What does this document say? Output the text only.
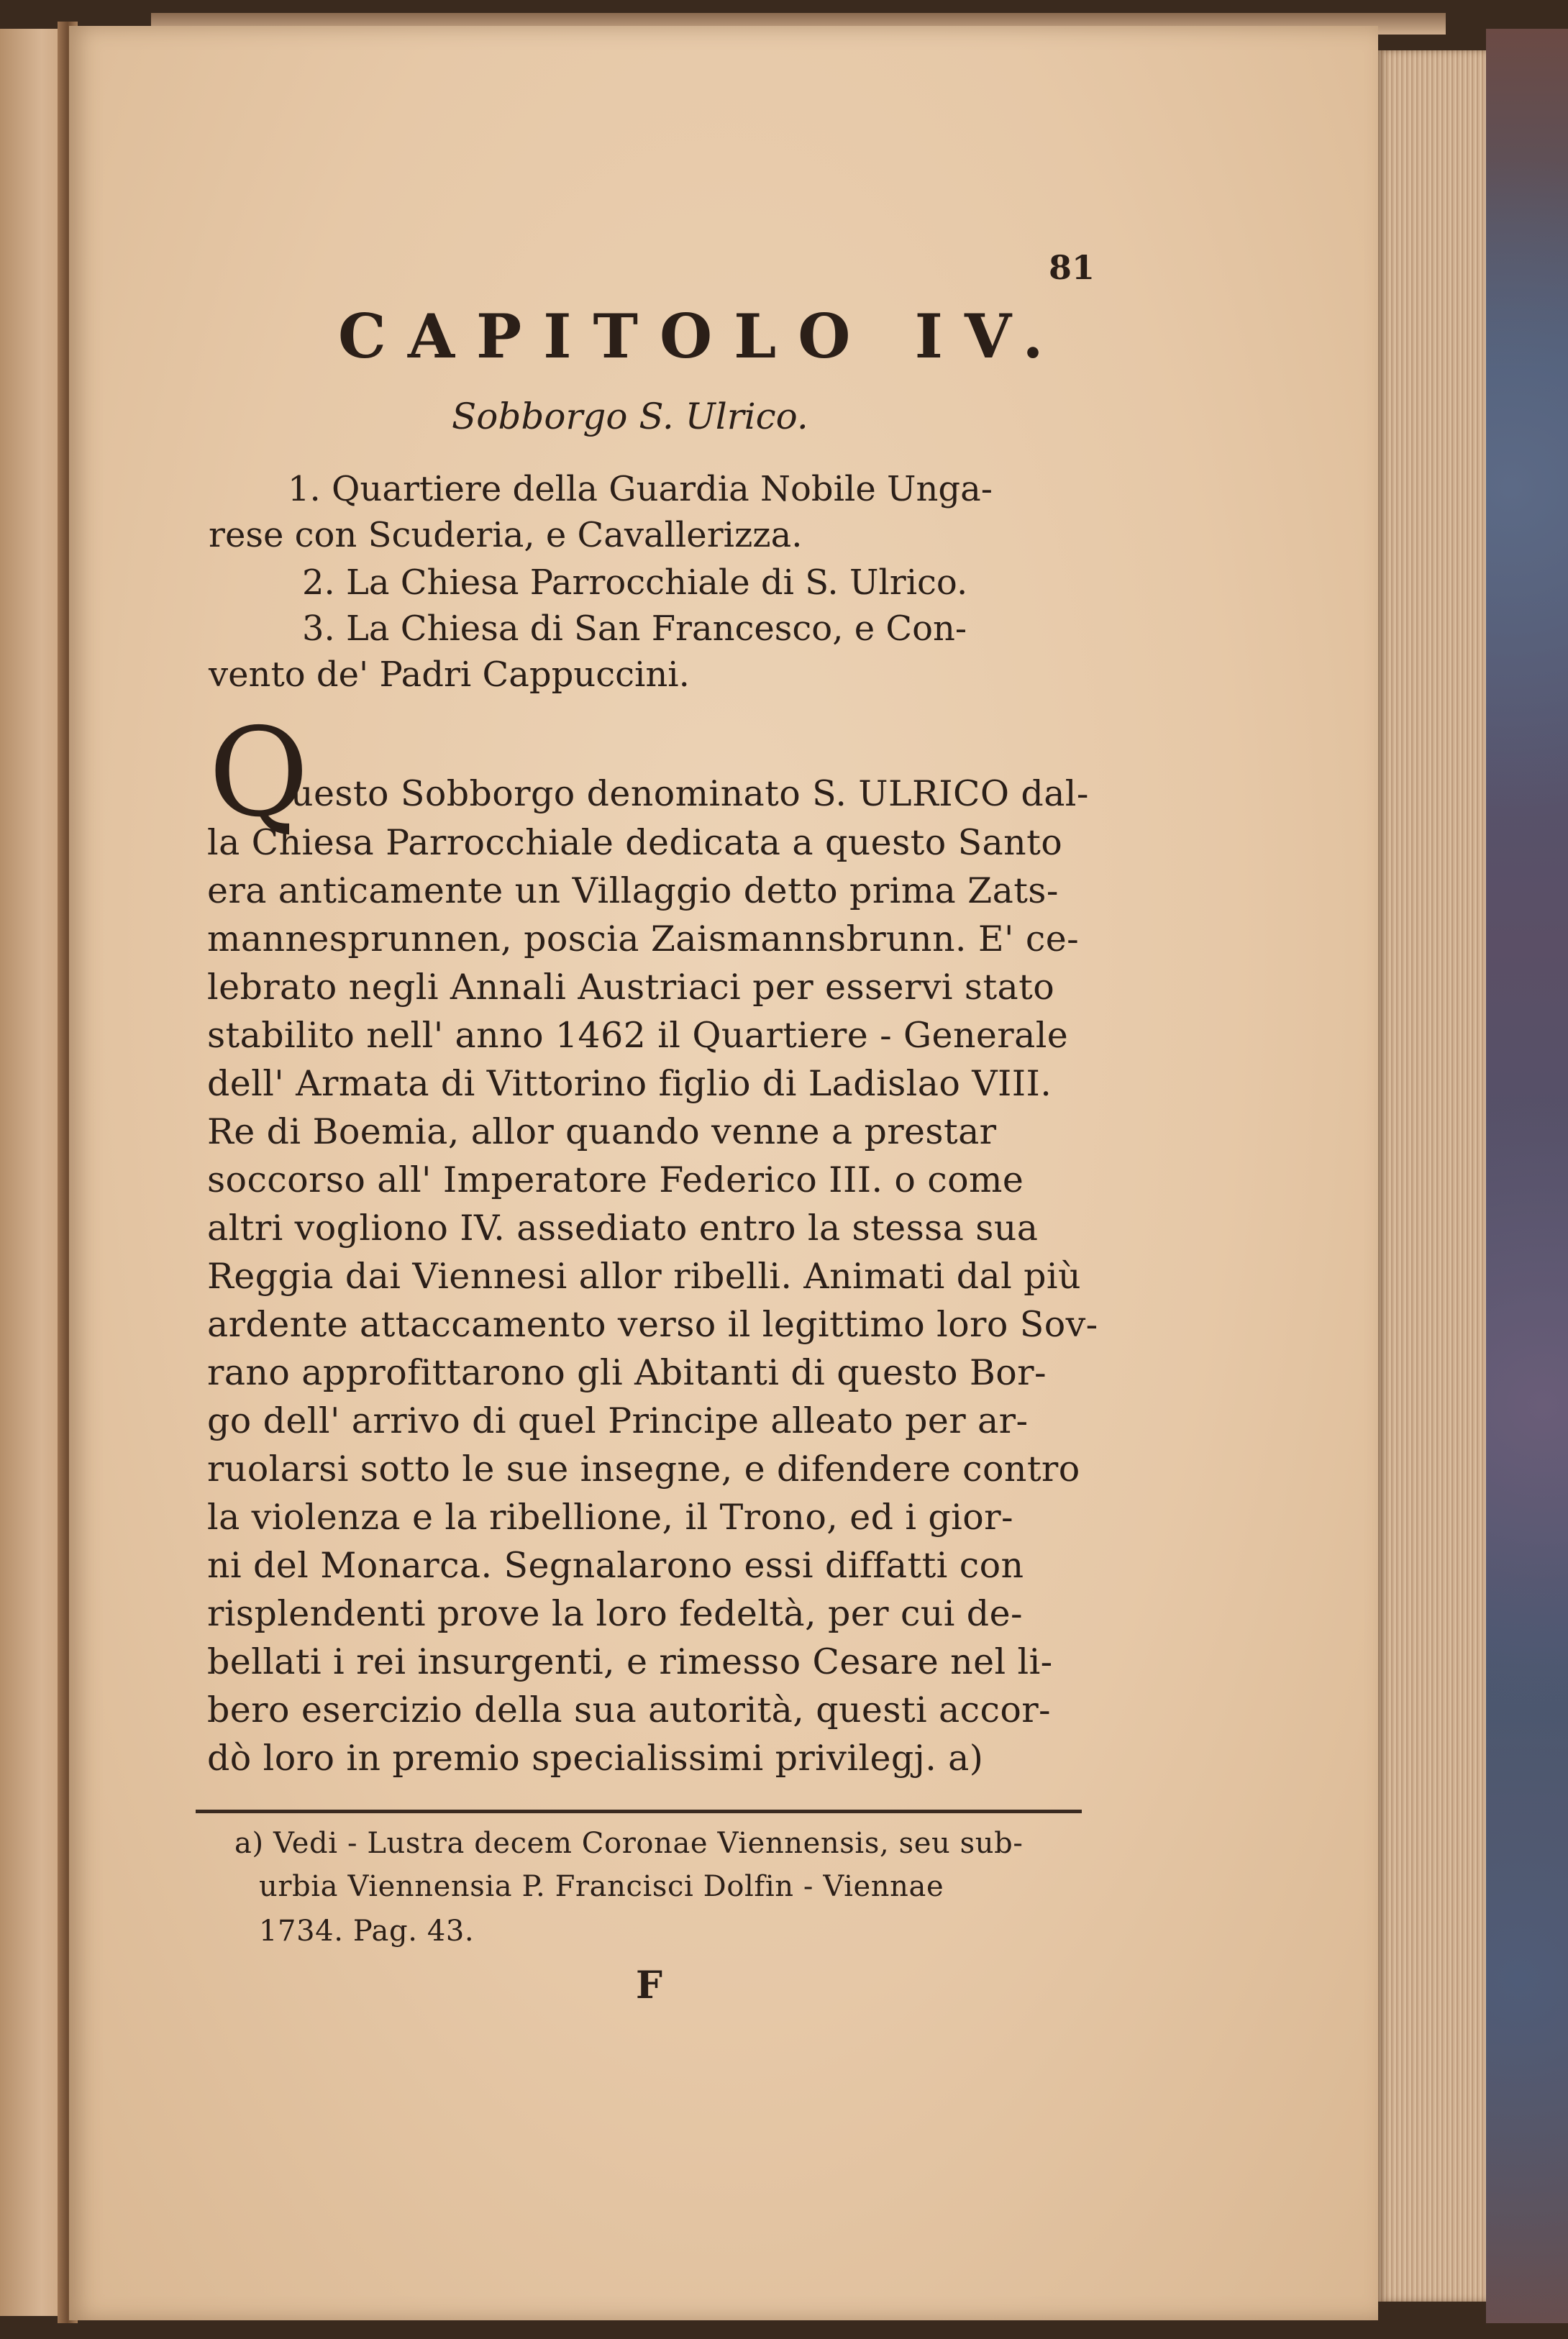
81
CAPITOLO IV.
Sobborgo S. Ulrico.
1. Quartiere della Guardia Nobile Unga-
rese con Scuderia, e Cavallerizza.
2. La Chiesa Parrocchiale di S. Ulrico.
3. La Chiesa di San Francesco, e Con-
vento de' Padri Cappuccini.
Q
uesto Sobborgo denominato S. ULRICO dal-
la Chiesa Parrocchiale dedicata a questo Santo
era anticamente un Villaggio detto prima Zats-
mannesprunnen, poscia Zaismannsbrunn. E' ce-
lebrato negli Annali Austriaci per esservi stato
stabilito nell' anno 1462 il Quartiere - Generale
dell' Armata di Vittorino figlio di Ladislao VIII.
Re di Boemia, allor quando venne a prestar
soccorso all' Imperatore Federico III. o come
altri vogliono IV. assediato entro la stessa sua
Reggia dai Viennesi allor ribelli. Animati dal più
ardente attaccamento verso il legittimo loro Sov-
rano approfittarono gli Abitanti di questo Bor-
go dell' arrivo di quel Principe alleato per ar-
ruolarsi sotto le sue insegne, e difendere contro
la violenza e la ribellione, il Trono, ed i gior-
ni del Monarca. Segnalarono essi diffatti con
risplendenti prove la loro fedeltà, per cui de-
bellati i rei insurgenti, e rimesso Cesare nel li-
bero esercizio della sua autorità, questi accor-
dò loro in premio specialissimi privilegj. a)
a) Vedi - Lustra decem Coronae Viennensis, seu sub-
urbia Viennensia P. Francisci Dolfin - Viennae
1734. Pag. 43.
F
